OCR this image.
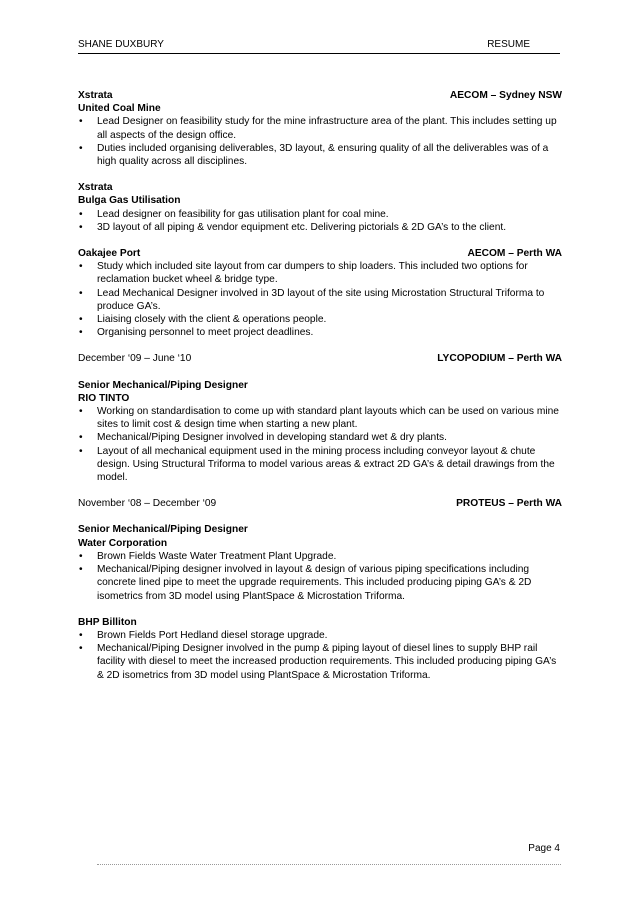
SHANE DUXBURY	RESUME
Xstrata	AECOM – Sydney NSW
United Coal Mine
• Lead Designer on feasibility study for the mine infrastructure area of the plant. This includes setting up all aspects of the design office.
• Duties included organising deliverables, 3D layout, & ensuring quality of all the deliverables was of a high quality across all disciplines.
Xstrata
Bulga Gas Utilisation
• Lead designer on feasibility for gas utilisation plant for coal mine.
• 3D layout of all piping & vendor equipment etc. Delivering pictorials & 2D GA’s to the client.
Oakajee Port	AECOM – Perth WA
• Study which included site layout from car dumpers to ship loaders. This included two options for reclamation bucket wheel & bridge type.
• Lead Mechanical Designer involved in 3D layout of the site using Microstation Structural Triforma to produce GA’s.
• Liaising closely with the client & operations people.
• Organising personnel to meet project deadlines.
December ‘09 – June ‘10	LYCOPODIUM – Perth WA
Senior Mechanical/Piping Designer
RIO TINTO
• Working on standardisation to come up with standard plant layouts which can be used on various mine sites to limit cost & design time when starting a new plant.
• Mechanical/Piping Designer involved in developing standard wet & dry plants.
• Layout of all mechanical equipment used in the mining process including conveyor layout & chute design. Using Structural Triforma to model various areas & extract 2D GA’s & detail drawings from the model.
November ‘08 – December ‘09	PROTEUS – Perth WA
Senior Mechanical/Piping Designer
Water Corporation
• Brown Fields Waste Water Treatment Plant Upgrade.
• Mechanical/Piping designer involved in layout & design of various piping specifications including concrete lined pipe to meet the upgrade requirements. This included producing piping GA’s & 2D isometrics from 3D model using PlantSpace & Microstation Triforma.
BHP Billiton
• Brown Fields Port Hedland diesel storage upgrade.
• Mechanical/Piping Designer involved in the pump & piping layout of diesel lines to supply BHP rail facility with diesel to meet the increased production requirements. This included producing piping GA’s & 2D isometrics from 3D model using PlantSpace & Microstation Triforma.
Page 4
